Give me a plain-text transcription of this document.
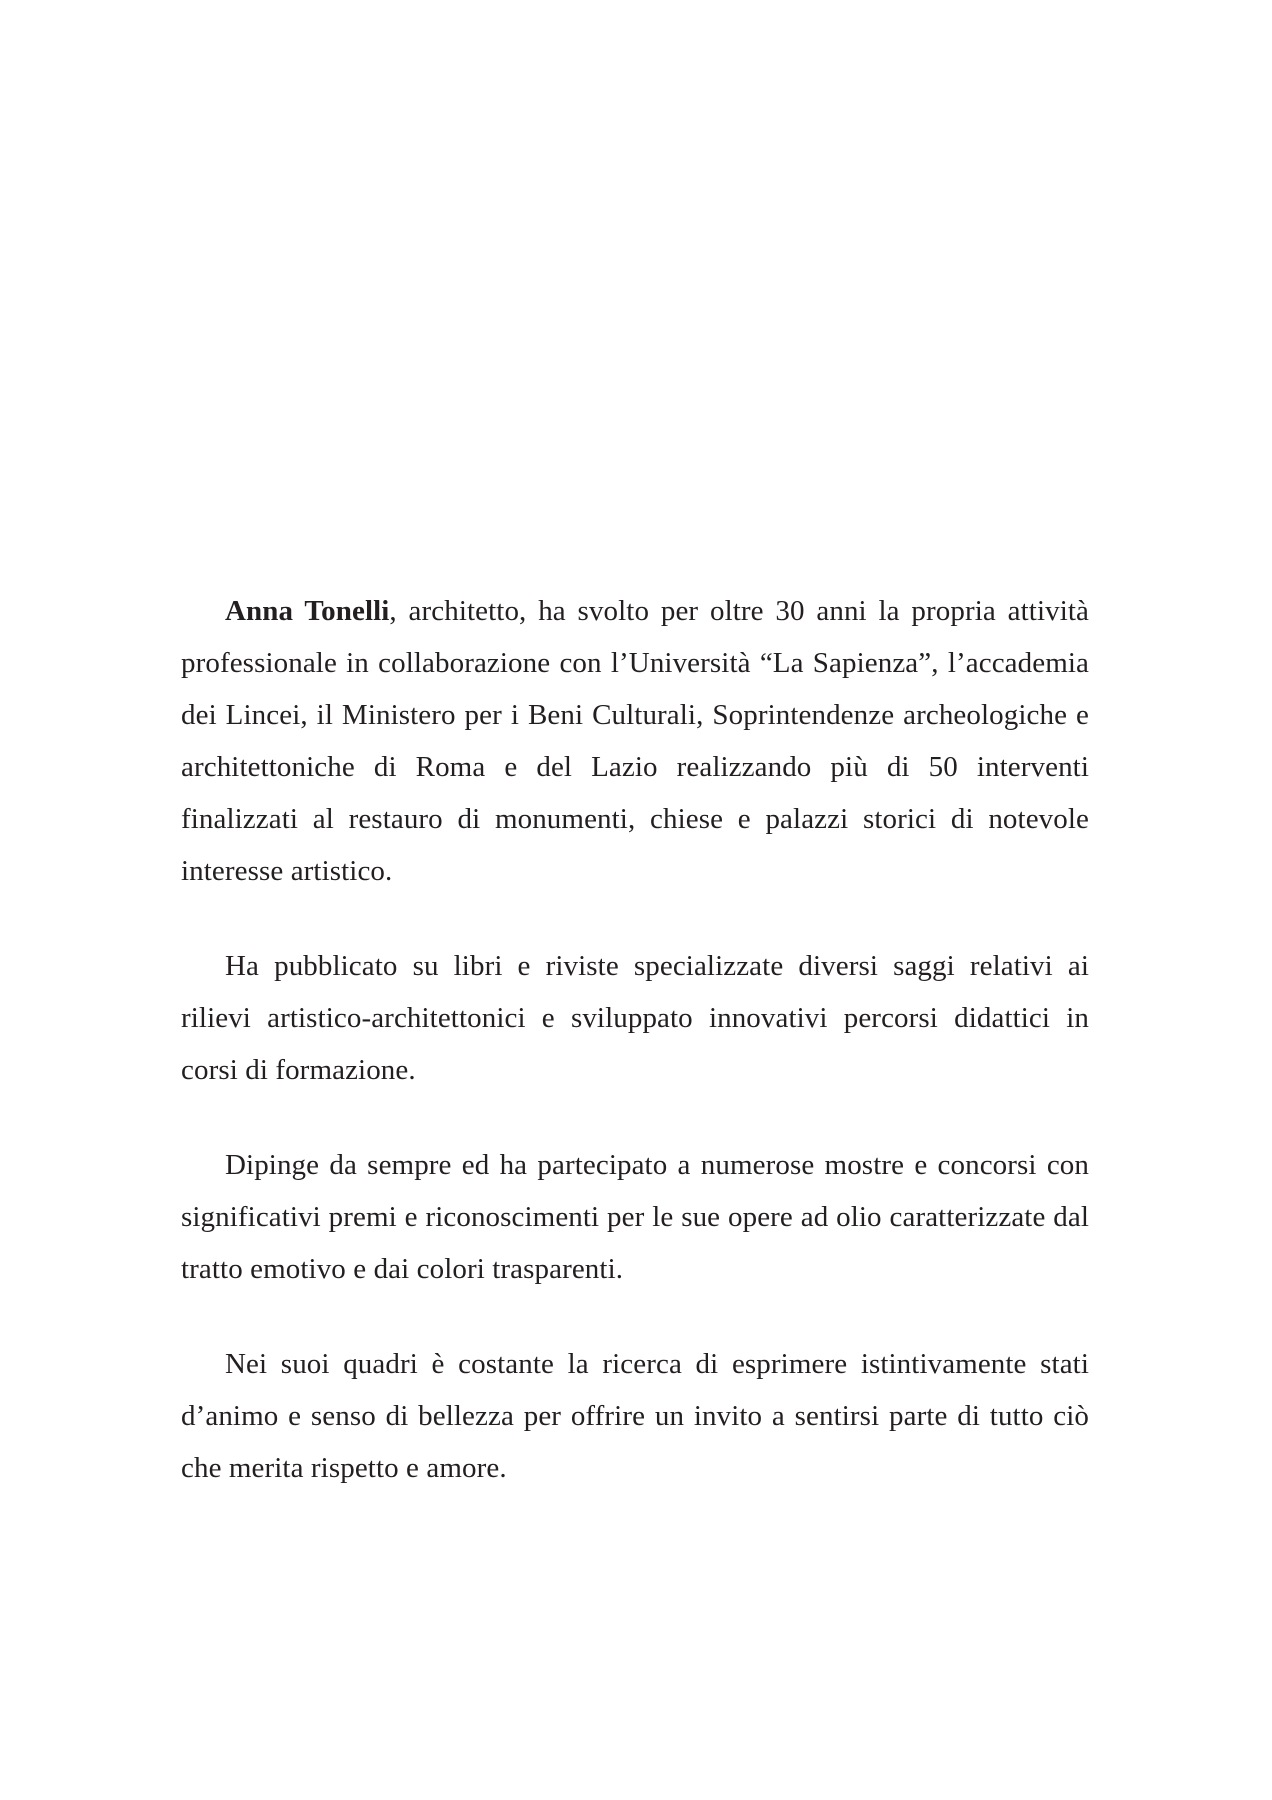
Anna Tonelli, architetto, ha svolto per oltre 30 anni la propria attività professionale in collaborazione con l’Università “La Sapienza”, l’accademia dei Lincei, il Ministero per i Beni Culturali, Soprintendenze archeologiche e architettoniche di Roma e del Lazio realizzando più di 50 interventi finalizzati al restauro di monumenti, chiese e palazzi storici di notevole interesse artistico.

Ha pubblicato su libri e riviste specializzate diversi saggi relativi ai rilievi artistico-architettonici e sviluppato innovativi percorsi didattici in corsi di formazione.

Dipinge da sempre ed ha partecipato a numerose mostre e concorsi con significativi premi e riconoscimenti per le sue opere ad olio caratterizzate dal tratto emotivo e dai colori trasparenti.

Nei suoi quadri è costante la ricerca di esprimere istintivamente stati d’animo e senso di bellezza per offrire un invito a sentirsi parte di tutto ciò che merita rispetto e amore.
